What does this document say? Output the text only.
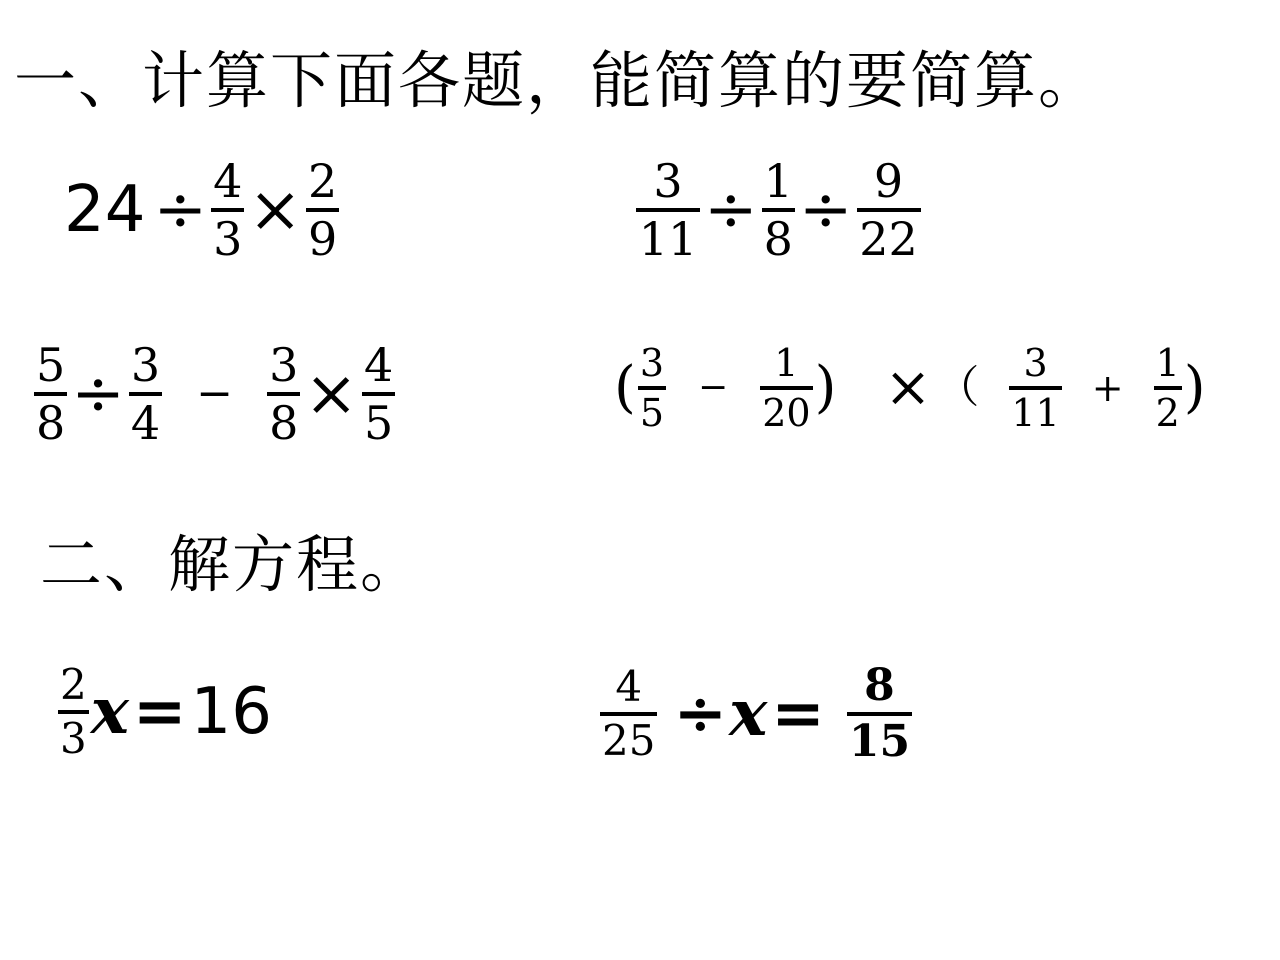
一、计算下面各题，能简算的要简算。
$24 \div \frac{4}{3} \times \frac{2}{9}$	$\frac{3}{11} \div \frac{1}{8} \div \frac{9}{22}$
$\frac{5}{8} \div \frac{3}{4} - \frac{3}{8} \times \frac{4}{5}$	( $\frac{3}{5} - \frac{1}{20}$ ) × （ $\frac{3}{11} + \frac{1}{2}$ )
二、解方程。
$\frac{2}{3}$ x = 16	$\frac{4}{25} \div x = \frac{8}{15}$
